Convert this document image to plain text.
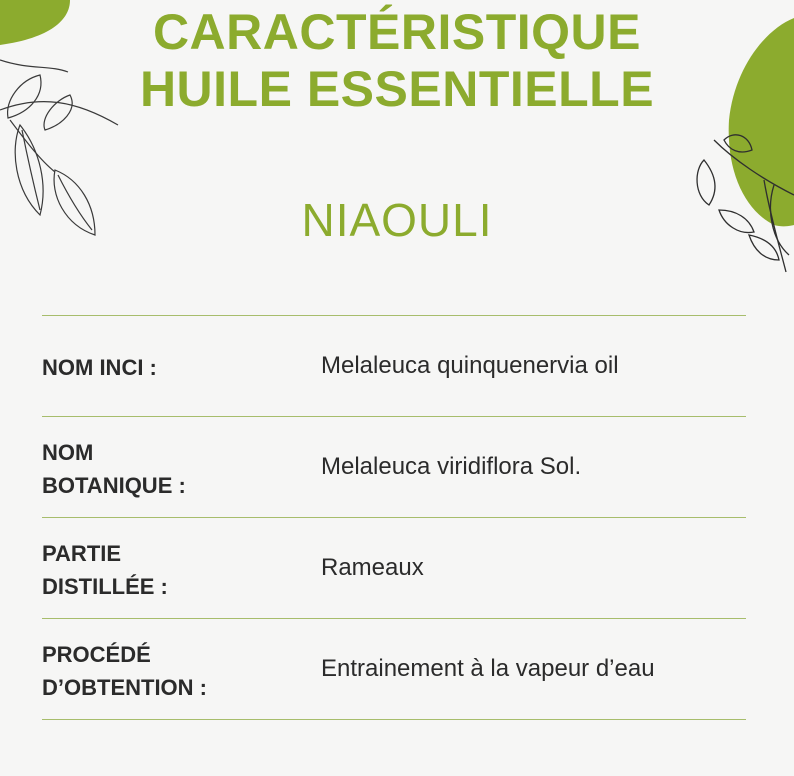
CARACTÉRISTIQUE
HUILE ESSENTIELLE
NIAOULI
NOM INCI :	Melaleuca quinquenervia oil
NOM
BOTANIQUE :
Melaleuca viridiflora Sol.
PARTIE
DISTILLÉE :
Rameaux
PROCÉDÉ
D’OBTENTION :
Entrainement à la vapeur d’eau
